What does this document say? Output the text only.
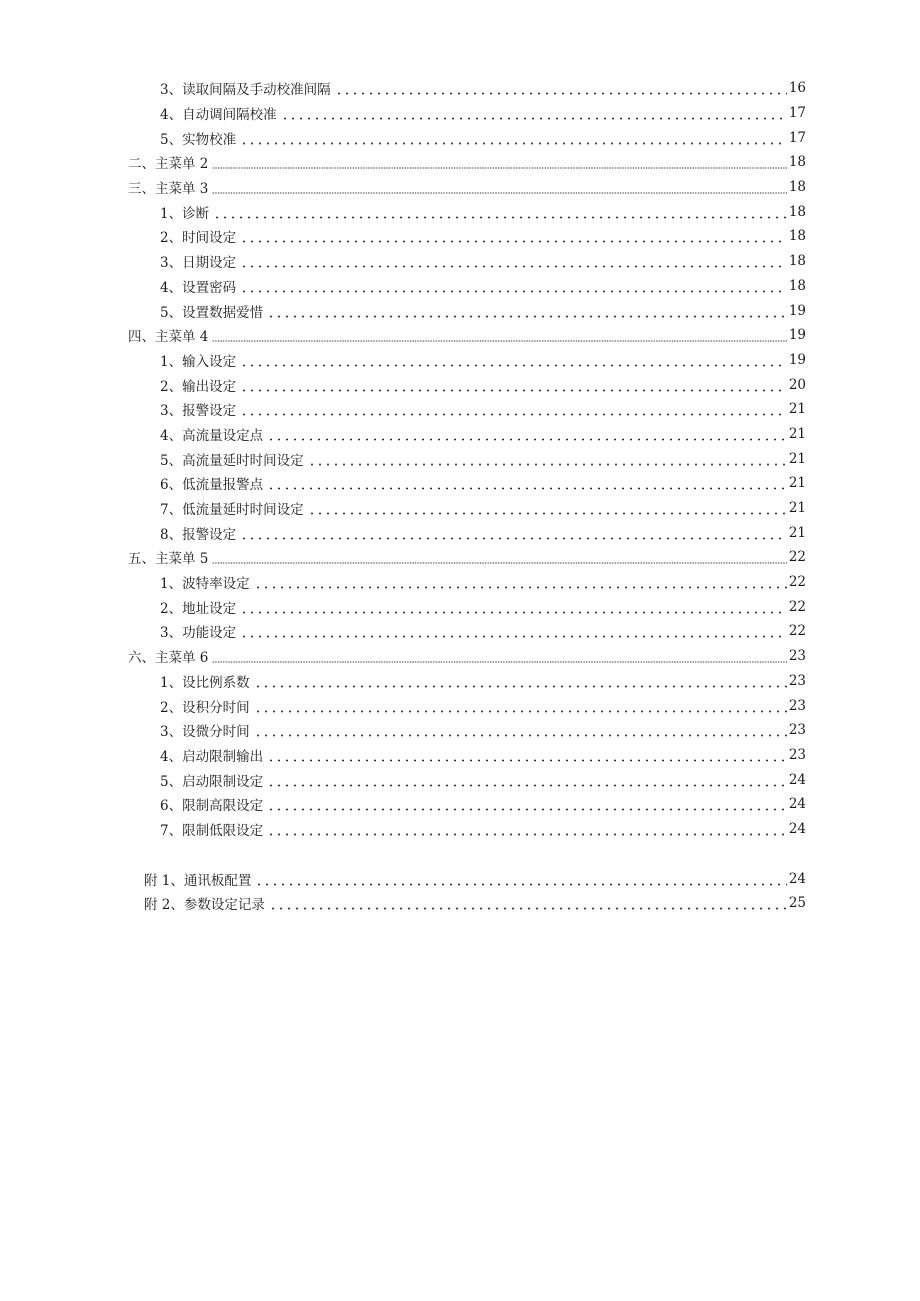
3、读取间隔及手动校准间隔	16
4、自动调间隔校准	17
5、实物校准	17
二、主菜单 2	18
三、主菜单 3	18
1、诊断	18
2、时间设定	18
3、日期设定	18
4、设置密码	18
5、设置数据爱惜	19
四、主菜单 4	19
1、输入设定	19
2、输出设定	20
3、报警设定	21
4、高流量设定点	21
5、高流量延时时间设定	21
6、低流量报警点	21
7、低流量延时时间设定	21
8、报警设定	21
五、主菜单 5	22
1、波特率设定	22
2、地址设定	22
3、功能设定	22
六、主菜单 6	23
1、设比例系数	23
2、设积分时间	23
3、设微分时间	23
4、启动限制输出	23
5、启动限制设定	24
6、限制高限设定	24
7、限制低限设定	24
附 1、通讯板配置	24
附 2、参数设定记录	25
